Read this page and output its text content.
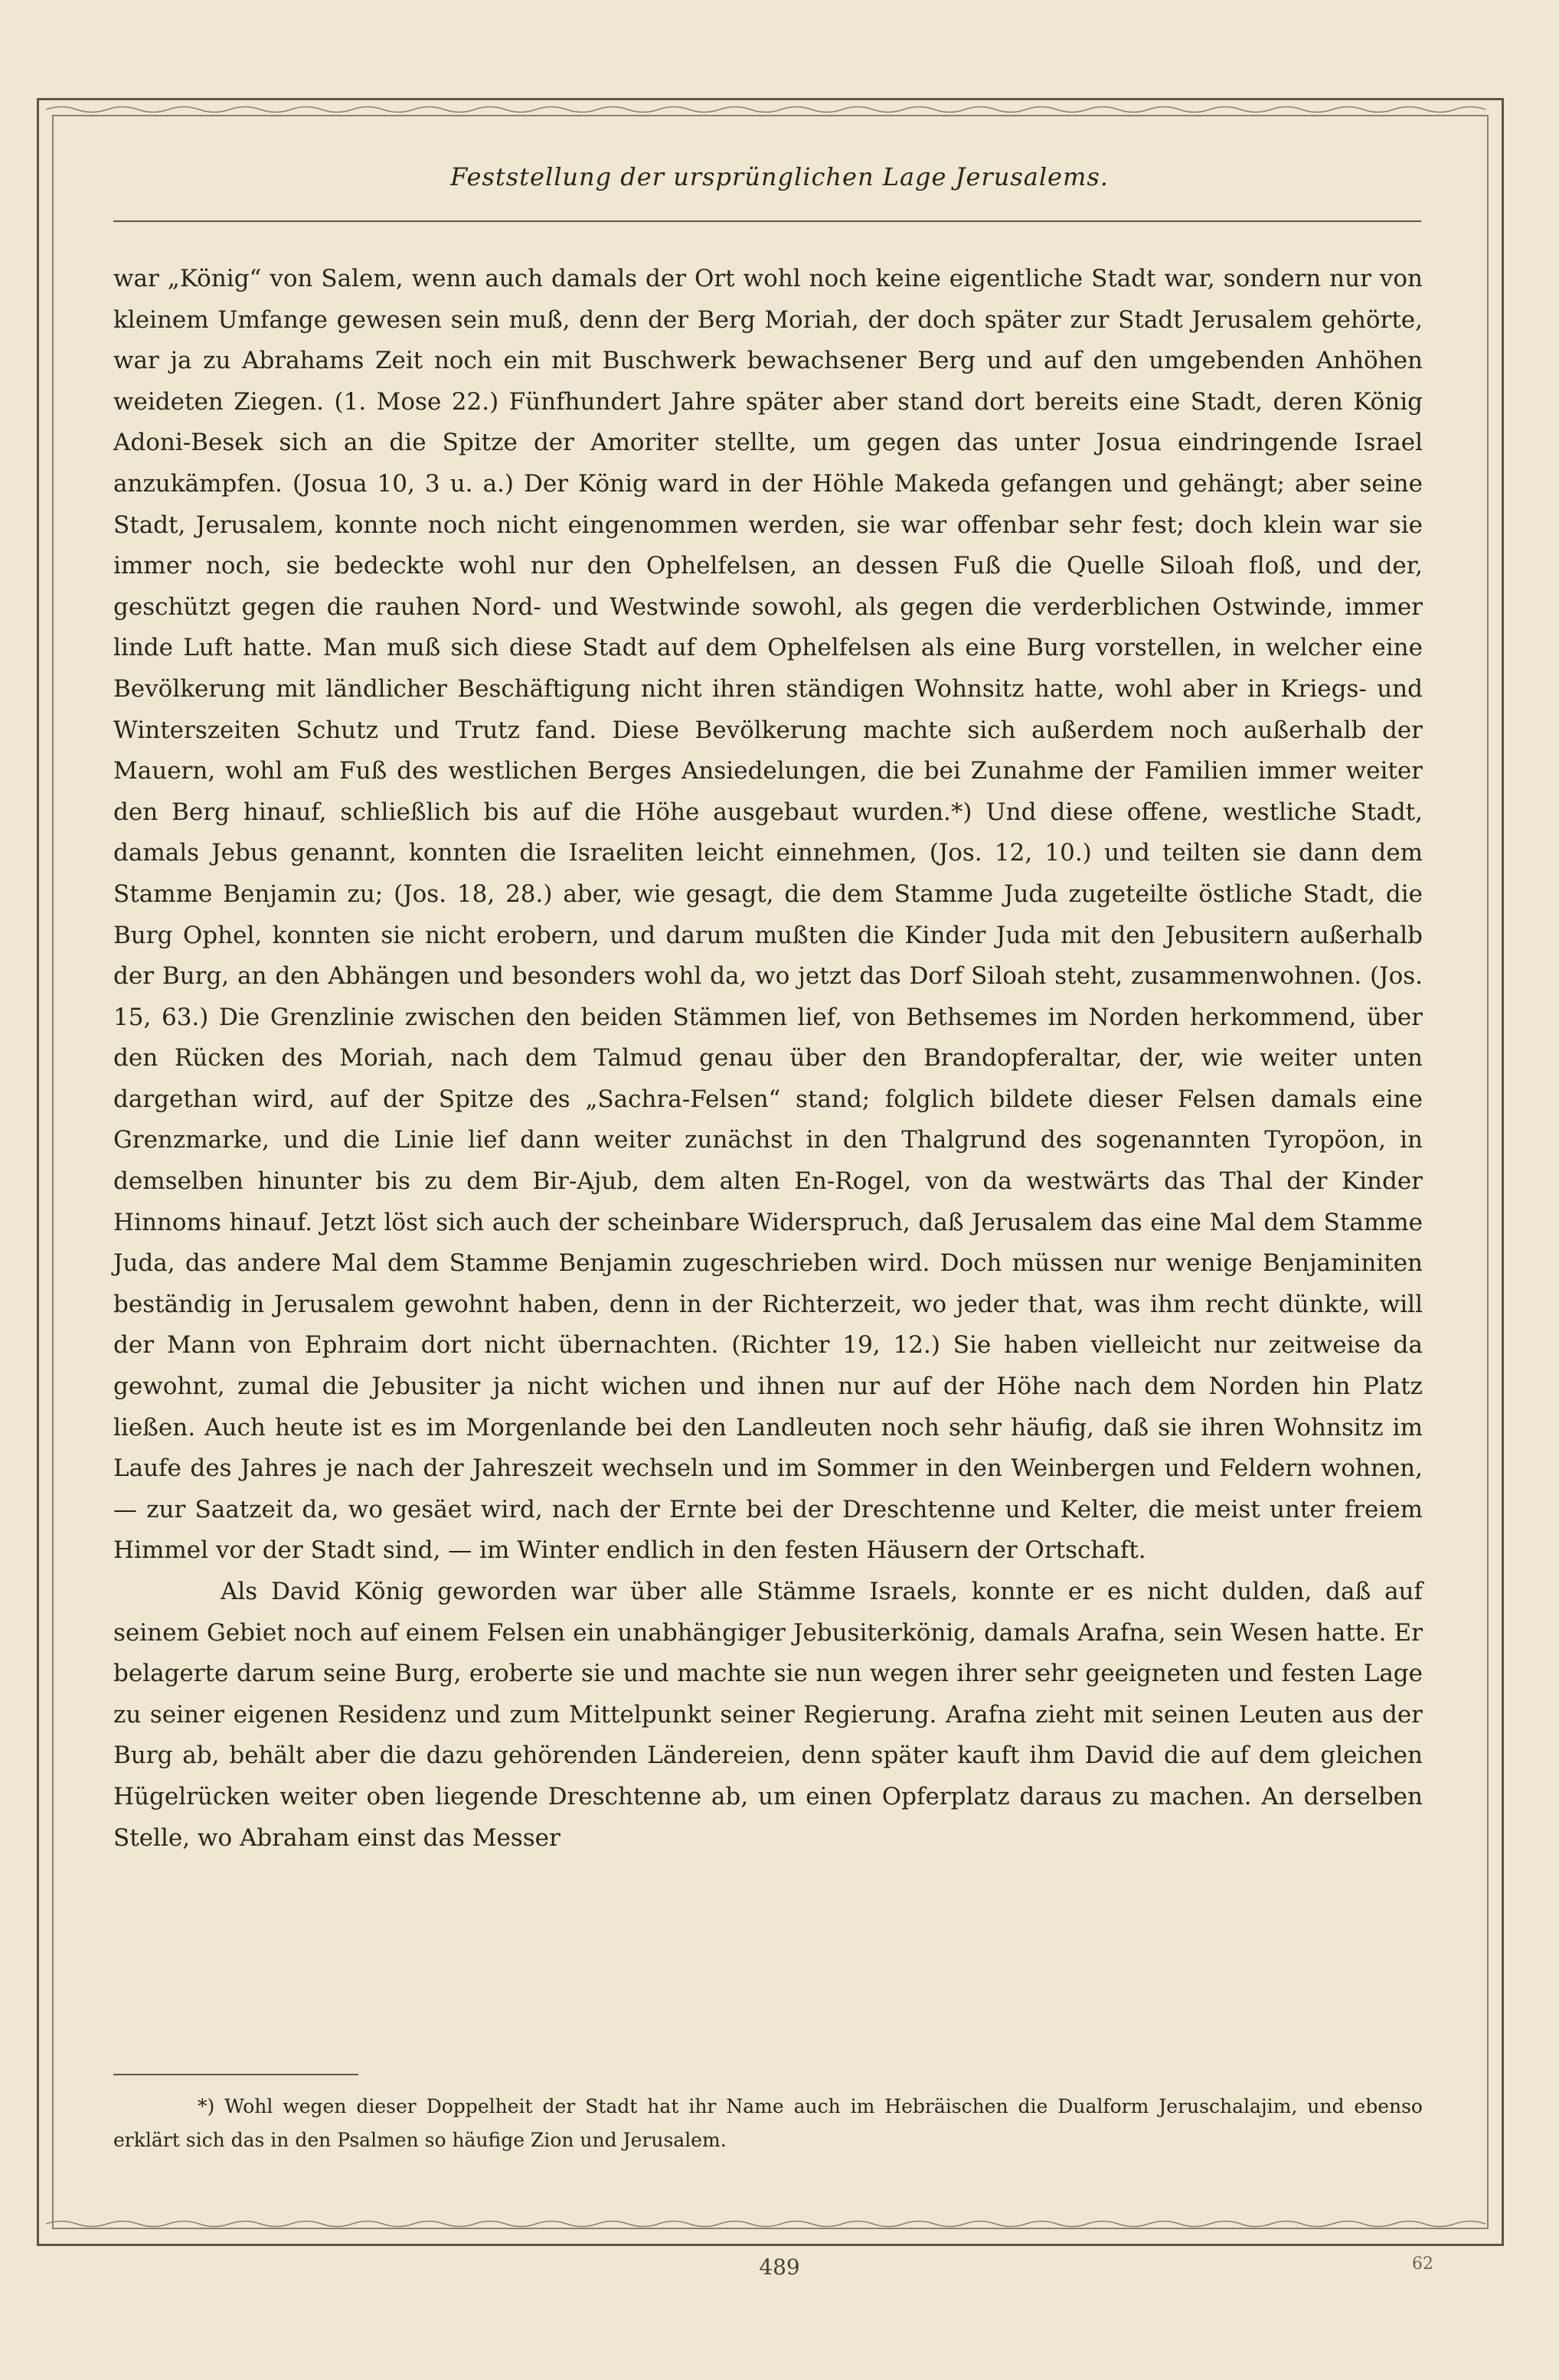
Feststellung der ursprünglichen Lage Jerusalems.

war „König“ von Salem, wenn auch damals der Ort wohl noch keine eigentliche Stadt war, sondern nur von kleinem Umfange gewesen sein muß, denn der Berg Moriah, der doch später zur Stadt Jerusalem gehörte, war ja zu Abrahams Zeit noch ein mit Buschwerk bewachsener Berg und auf den umgebenden Anhöhen weideten Ziegen. (1. Mose 22.) Fünfhundert Jahre später aber stand dort bereits eine Stadt, deren König Adoni-Besek sich an die Spitze der Amoriter stellte, um gegen das unter Josua eindringende Israel anzukämpfen. (Josua 10, 3 u. a.) Der König ward in der Höhle Makeda gefangen und gehängt; aber seine Stadt, Jerusalem, konnte noch nicht eingenommen werden, sie war offenbar sehr fest; doch klein war sie immer noch, sie bedeckte wohl nur den Ophelfelsen, an dessen Fuß die Quelle Siloah floß, und der, geschützt gegen die rauhen Nord- und Westwinde sowohl, als gegen die verderblichen Ostwinde, immer linde Luft hatte. Man muß sich diese Stadt auf dem Ophelfelsen als eine Burg vorstellen, in welcher eine Bevölkerung mit ländlicher Beschäftigung nicht ihren ständigen Wohnsitz hatte, wohl aber in Kriegs- und Winterszeiten Schutz und Trutz fand. Diese Bevölkerung machte sich außerdem noch außerhalb der Mauern, wohl am Fuß des westlichen Berges Ansiedelungen, die bei Zunahme der Familien immer weiter den Berg hinauf, schließlich bis auf die Höhe ausgebaut wurden.*) Und diese offene, westliche Stadt, damals Jebus genannt, konnten die Israeliten leicht einnehmen, (Jos. 12, 10.) und teilten sie dann dem Stamme Benjamin zu; (Jos. 18, 28.) aber, wie gesagt, die dem Stamme Juda zugeteilte östliche Stadt, die Burg Ophel, konnten sie nicht erobern, und darum mußten die Kinder Juda mit den Jebusitern außerhalb der Burg, an den Abhängen und besonders wohl da, wo jetzt das Dorf Siloah steht, zusammenwohnen. (Jos. 15, 63.) Die Grenzlinie zwischen den beiden Stämmen lief, von Bethsemes im Norden herkommend, über den Rücken des Moriah, nach dem Talmud genau über den Brandopferaltar, der, wie weiter unten dargethan wird, auf der Spitze des „Sachra-Felsen“ stand; folglich bildete dieser Felsen damals eine Grenzmarke, und die Linie lief dann weiter zunächst in den Thalgrund des sogenannten Tyropöon, in demselben hinunter bis zu dem Bir-Ajub, dem alten En-Rogel, von da westwärts das Thal der Kinder Hinnoms hinauf. Jetzt löst sich auch der scheinbare Widerspruch, daß Jerusalem das eine Mal dem Stamme Juda, das andere Mal dem Stamme Benjamin zugeschrieben wird. Doch müssen nur wenige Benjaminiten beständig in Jerusalem gewohnt haben, denn in der Richterzeit, wo jeder that, was ihm recht dünkte, will der Mann von Ephraim dort nicht übernachten. (Richter 19, 12.) Sie haben vielleicht nur zeitweise da gewohnt, zumal die Jebusiter ja nicht wichen und ihnen nur auf der Höhe nach dem Norden hin Platz ließen. Auch heute ist es im Morgenlande bei den Landleuten noch sehr häufig, daß sie ihren Wohnsitz im Laufe des Jahres je nach der Jahreszeit wechseln und im Sommer in den Weinbergen und Feldern wohnen, — zur Saatzeit da, wo gesäet wird, nach der Ernte bei der Dreschtenne und Kelter, die meist unter freiem Himmel vor der Stadt sind, — im Winter endlich in den festen Häusern der Ortschaft.

Als David König geworden war über alle Stämme Israels, konnte er es nicht dulden, daß auf seinem Gebiet noch auf einem Felsen ein unabhängiger Jebusiterkönig, damals Arafna, sein Wesen hatte. Er belagerte darum seine Burg, eroberte sie und machte sie nun wegen ihrer sehr geeigneten und festen Lage zu seiner eigenen Residenz und zum Mittelpunkt seiner Regierung. Arafna zieht mit seinen Leuten aus der Burg ab, behält aber die dazu gehörenden Ländereien, denn später kauft ihm David die auf dem gleichen Hügelrücken weiter oben liegende Dreschtenne ab, um einen Opferplatz daraus zu machen. An derselben Stelle, wo Abraham einst das Messer

*) Wohl wegen dieser Doppelheit der Stadt hat ihr Name auch im Hebräischen die Dualform Jeruschalajim, und ebenso erklärt sich das in den Psalmen so häufige Zion und Jerusalem.
489	62
